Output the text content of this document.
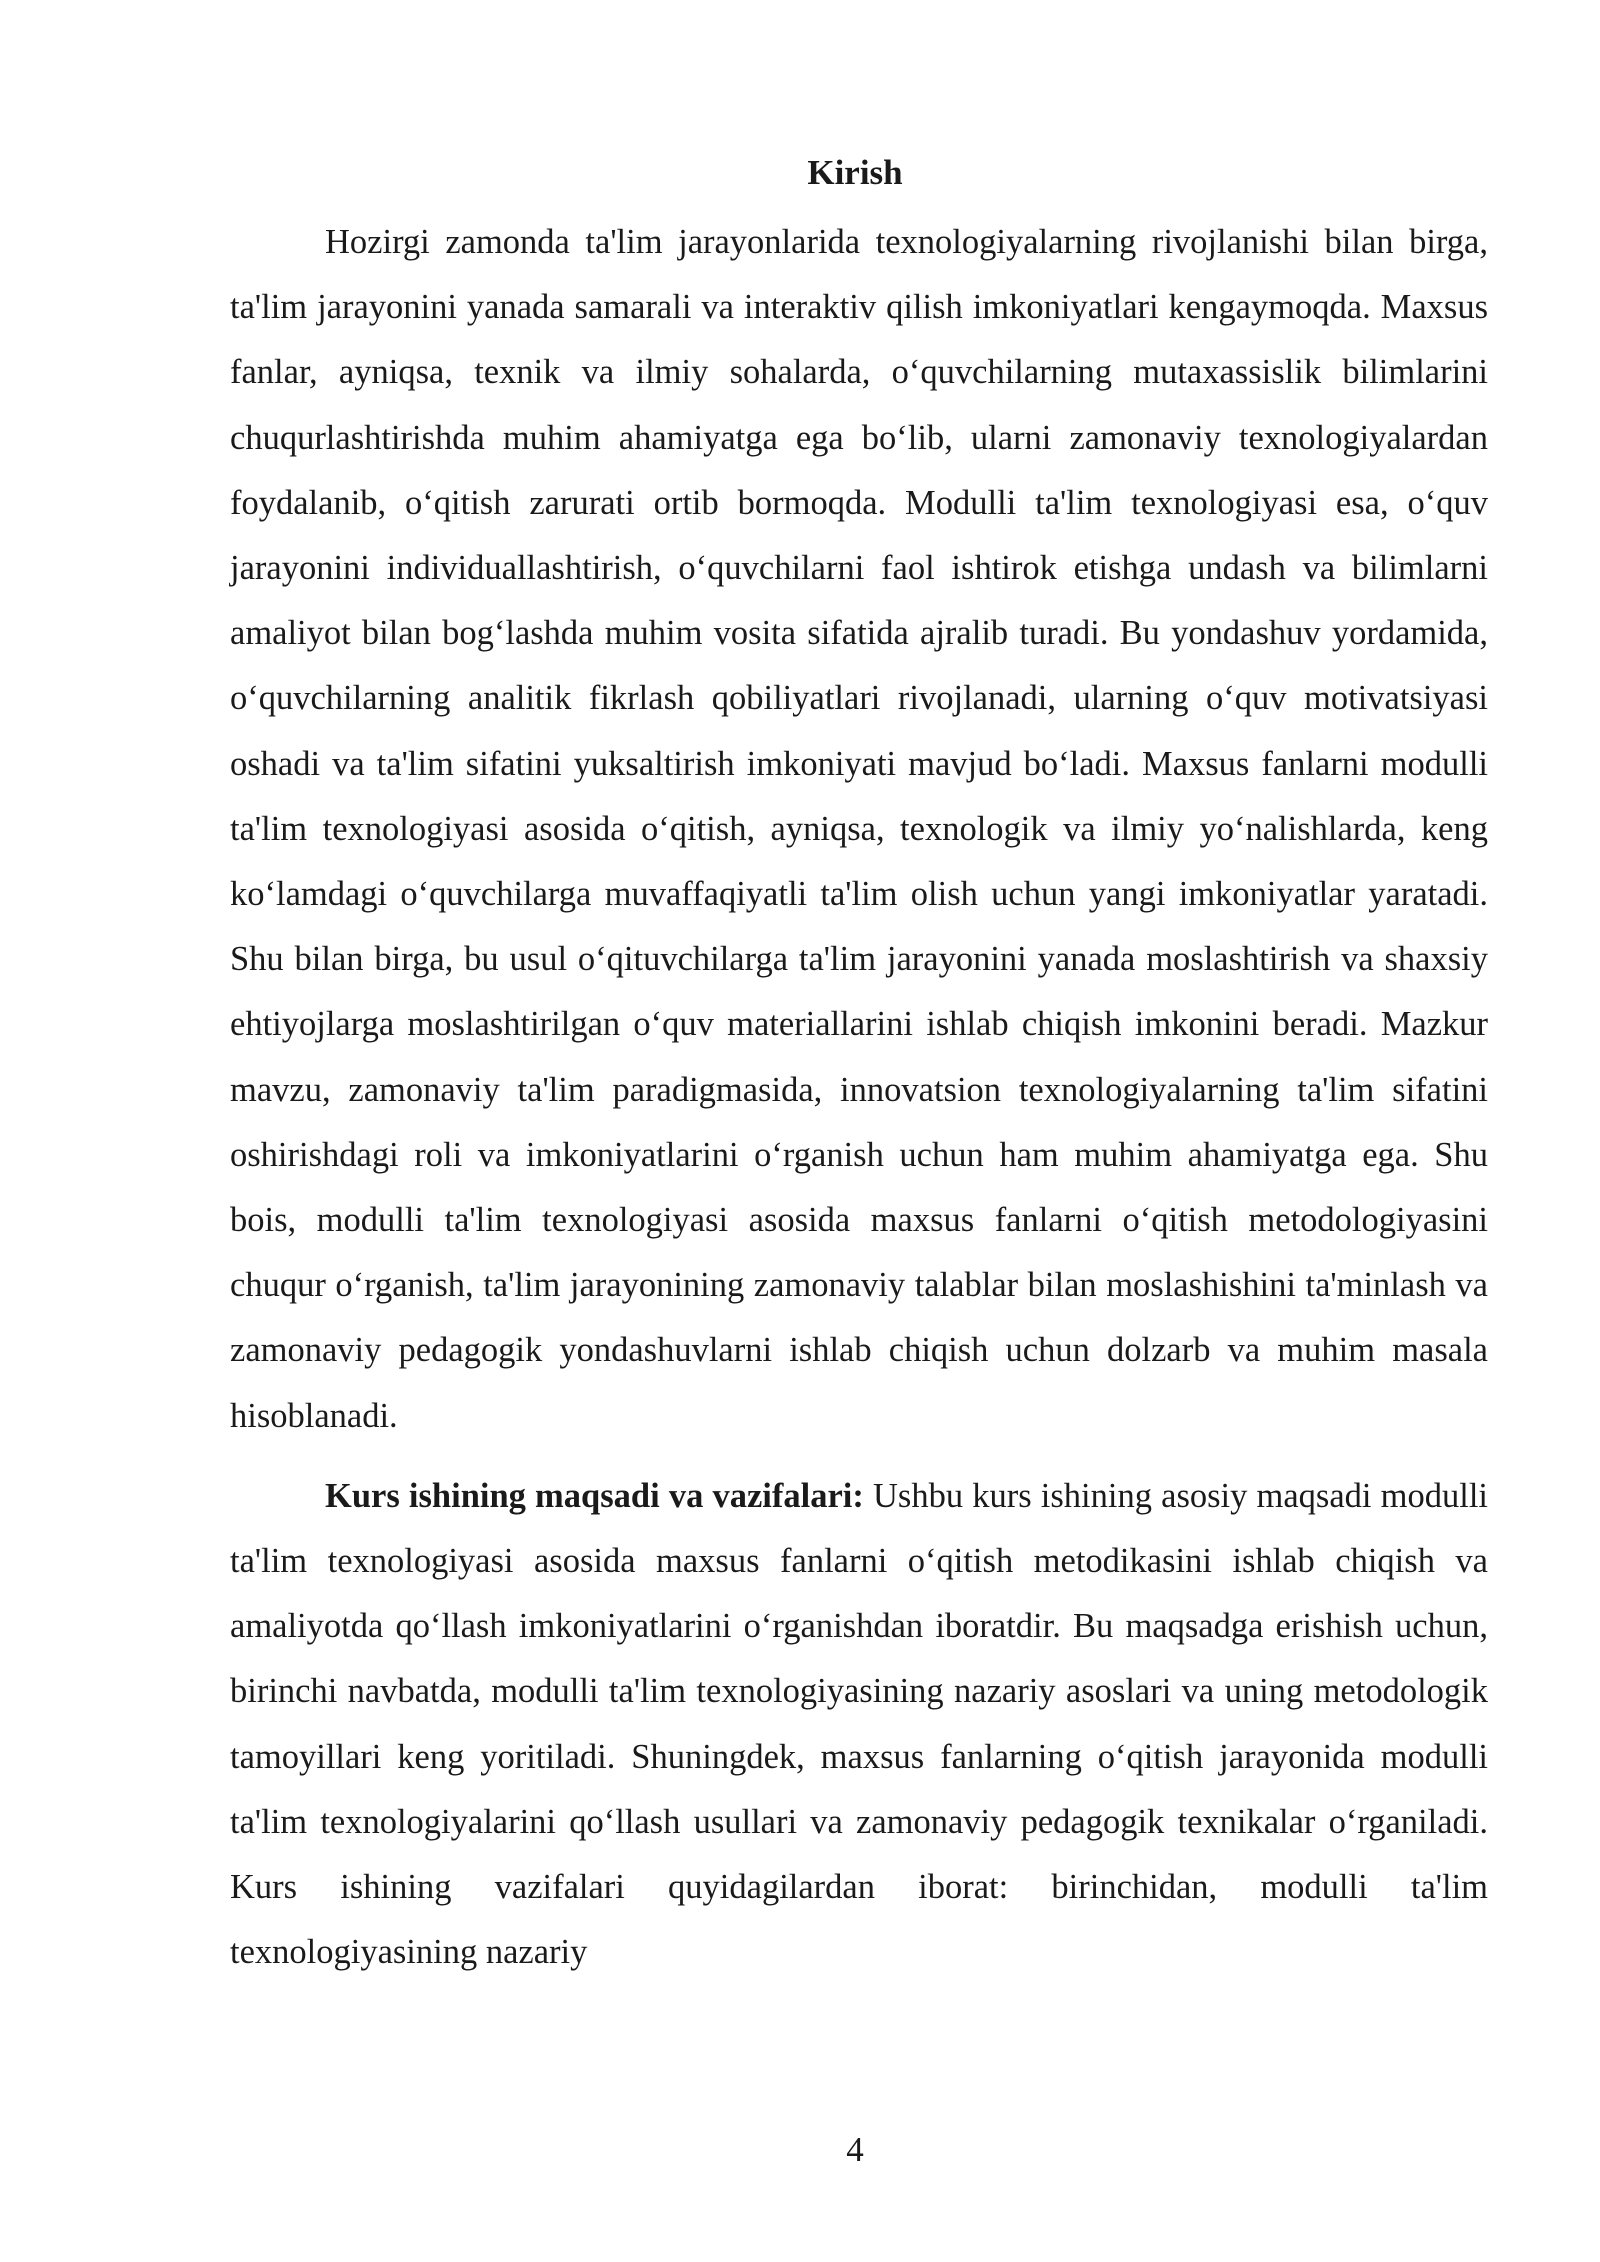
Kirish

Hozirgi zamonda ta'lim jarayonlarida texnologiyalarning rivojlanishi bilan birga, ta'lim jarayonini yanada samarali va interaktiv qilish imkoniyatlari kengaymoqda. Maxsus fanlar, ayniqsa, texnik va ilmiy sohalarda, o‘quvchilarning mutaxassislik bilimlarini chuqurlashtirishda muhim ahamiyatga ega bo‘lib, ularni zamonaviy texnologiyalardan foydalanib, o‘qitish zarurati ortib bormoqda. Modulli ta'lim texnologiyasi esa, o‘quv jarayonini individuallashtirish, o‘quvchilarni faol ishtirok etishga undash va bilimlarni amaliyot bilan bog‘lashda muhim vosita sifatida ajralib turadi. Bu yondashuv yordamida, o‘quvchilarning analitik fikrlash qobiliyatlari rivojlanadi, ularning o‘quv motivatsiyasi oshadi va ta'lim sifatini yuksaltirish imkoniyati mavjud bo‘ladi. Maxsus fanlarni modulli ta'lim texnologiyasi asosida o‘qitish, ayniqsa, texnologik va ilmiy yo‘nalishlarda, keng ko‘lamdagi o‘quvchilarga muvaffaqiyatli ta'lim olish uchun yangi imkoniyatlar yaratadi. Shu bilan birga, bu usul o‘qituvchilarga ta'lim jarayonini yanada moslashtirish va shaxsiy ehtiyojlarga moslashtirilgan o‘quv materiallarini ishlab chiqish imkonini beradi. Mazkur mavzu, zamonaviy ta'lim paradigmasida, innovatsion texnologiyalarning ta'lim sifatini oshirishdagi roli va imkoniyatlarini o‘rganish uchun ham muhim ahamiyatga ega. Shu bois, modulli ta'lim texnologiyasi asosida maxsus fanlarni o‘qitish metodologiyasini chuqur o‘rganish, ta'lim jarayonining zamonaviy talablar bilan moslashishini ta'minlash va zamonaviy pedagogik yondashuvlarni ishlab chiqish uchun dolzarb va muhim masala hisoblanadi.

Kurs ishining maqsadi va vazifalari: Ushbu kurs ishining asosiy maqsadi modulli ta'lim texnologiyasi asosida maxsus fanlarni o‘qitish metodikasini ishlab chiqish va amaliyotda qo‘llash imkoniyatlarini o‘rganishdan iboratdir. Bu maqsadga erishish uchun, birinchi navbatda, modulli ta'lim texnologiyasining nazariy asoslari va uning metodologik tamoyillari keng yoritiladi. Shuningdek, maxsus fanlarning o‘qitish jarayonida modulli ta'lim texnologiyalarini qo‘llash usullari va zamonaviy pedagogik texnikalar o‘rganiladi. Kurs ishining vazifalari quyidagilardan iborat: birinchidan, modulli ta'lim texnologiyasining nazariy

4
